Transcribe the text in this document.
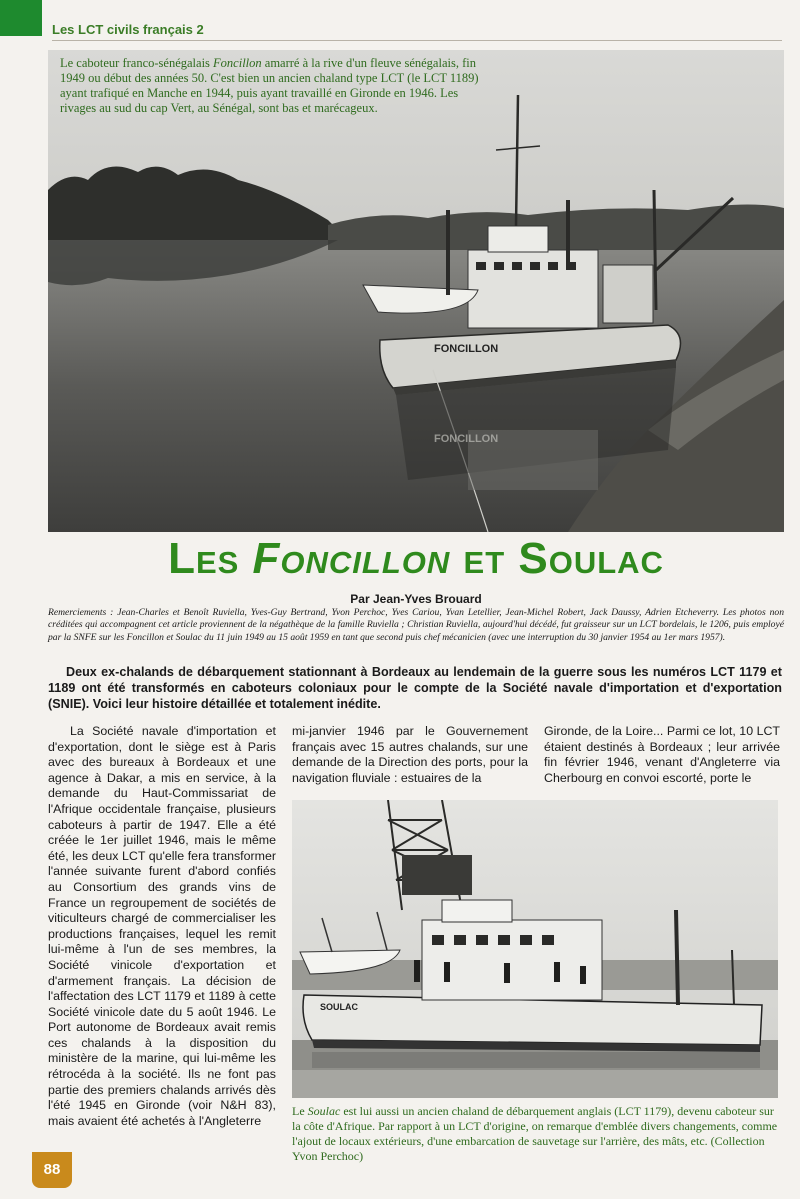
Les LCT civils français 2
FONCILLON
FONCILLON
Le caboteur franco-sénégalais Foncillon amarré à la rive d'un fleuve sénégalais, fin 1949 ou début des années 50. C'est bien un ancien chaland type LCT (le LCT 1189) ayant trafiqué en Manche en 1944, puis ayant travaillé en Gironde en 1946. Les rivages au sud du cap Vert, au Sénégal, sont bas et marécageux.
Les Foncillon et Soulac
Par Jean-Yves Brouard
Remerciements : Jean-Charles et Benoît Ruviella, Yves-Guy Bertrand, Yvon Perchoc, Yves Cariou, Yvan Letellier, Jean-Michel Robert, Jack Daussy, Adrien Etcheverry. Les photos non créditées qui accompagnent cet article proviennent de la négathèque de la famille Ruviella ; Christian Ruviella, aujourd'hui décédé, fut graisseur sur un LCT bordelais, le 1206, puis employé par la SNFE sur les Foncillon et Soulac du 11 juin 1949 au 15 août 1959 en tant que second puis chef mécanicien (avec une interruption du 30 janvier 1954 au 1er mars 1957).
Deux ex-chalands de débarquement stationnant à Bordeaux au lendemain de la guerre sous les numéros LCT 1179 et 1189 ont été transformés en caboteurs coloniaux pour le compte de la Société navale d'importation et d'exportation (SNIE). Voici leur histoire détaillée et totalement inédite.
La Société navale d'importation et d'exportation, dont le siège est à Paris avec des bureaux à Bordeaux et une agence à Dakar, a mis en service, à la demande du Haut-Commissariat de l'Afrique occidentale française, plusieurs caboteurs à partir de 1947. Elle a été créée le 1er juillet 1946, mais le même été, les deux LCT qu'elle fera transformer l'année suivante furent d'abord confiés au Consortium des grands vins de France un regroupement de sociétés de viticulteurs chargé de commercialiser les productions françaises, lequel les remit lui-même à l'un de ses membres, la Société vinicole d'exportation et d'armement français. La décision de l'affectation des LCT 1179 et 1189 à cette Société vinicole date du 5 août 1946. Le Port autonome de Bordeaux avait remis ces chalands à la disposition du ministère de la marine, qui lui-même les rétrocéda à la société. Ils ne font pas partie des premiers chalands arrivés dès l'été 1945 en Gironde (voir N&H 83), mais avaient été achetés à l'Angleterre
mi-janvier 1946 par le Gouvernement français avec 15 autres chalands, sur une demande de la Direction des ports, pour la navigation fluviale : estuaires de la
Gironde, de la Loire... Parmi ce lot, 10 LCT étaient destinés à Bordeaux ; leur arrivée fin février 1946, venant d'Angleterre via Cherbourg en convoi escorté, porte le
SOULAC
Le Soulac est lui aussi un ancien chaland de débarquement anglais (LCT 1179), devenu caboteur sur la côte d'Afrique. Par rapport à un LCT d'origine, on remarque d'emblée divers changements, comme l'ajout de locaux extérieurs, d'une embarcation de sauvetage sur l'arrière, des mâts, etc. (Collection Yvon Perchoc)
88
